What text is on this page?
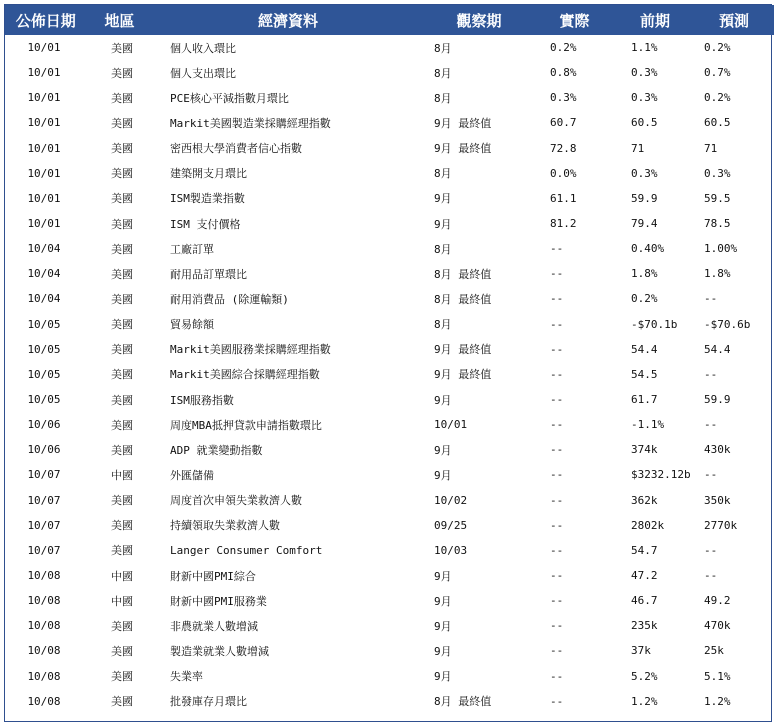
公佈日期	地區	經濟資料	觀察期	實際	前期	預測
10/01	美國	個人收入環比	8月	0.2%	1.1%	0.2%
10/01	美國	個人支出環比	8月	0.8%	0.3%	0.7%
10/01	美國	PCE核心平減指數月環比	8月	0.3%	0.3%	0.2%
10/01	美國	Markit美國製造業採購經理指數	9月 最終值	60.7	60.5	60.5
10/01	美國	密西根大學消費者信心指數	9月 最終值	72.8	71	71
10/01	美國	建築開支月環比	8月	0.0%	0.3%	0.3%
10/01	美國	ISM製造業指數	9月	61.1	59.9	59.5
10/01	美國	ISM 支付價格	9月	81.2	79.4	78.5
10/04	美國	工廠訂單	8月	--	0.40%	1.00%
10/04	美國	耐用品訂單環比	8月 最終值	--	1.8%	1.8%
10/04	美國	耐用消費品 (除運輸類)	8月 最終值	--	0.2%	--
10/05	美國	貿易餘額	8月	--	-$70.1b	-$70.6b
10/05	美國	Markit美國服務業採購經理指數	9月 最終值	--	54.4	54.4
10/05	美國	Markit美國綜合採購經理指數	9月 最終值	--	54.5	--
10/05	美國	ISM服務指數	9月	--	61.7	59.9
10/06	美國	周度MBA抵押貸款申請指數環比	10/01	--	-1.1%	--
10/06	美國	ADP 就業變動指數	9月	--	374k	430k
10/07	中國	外匯儲備	9月	--	$3232.12b	--
10/07	美國	周度首次申領失業救濟人數	10/02	--	362k	350k
10/07	美國	持續領取失業救濟人數	09/25	--	2802k	2770k
10/07	美國	Langer Consumer Comfort	10/03	--	54.7	--
10/08	中國	財新中國PMI綜合	9月	--	47.2	--
10/08	中國	財新中國PMI服務業	9月	--	46.7	49.2
10/08	美國	非農就業人數增減	9月	--	235k	470k
10/08	美國	製造業就業人數增減	9月	--	37k	25k
10/08	美國	失業率	9月	--	5.2%	5.1%
10/08	美國	批發庫存月環比	8月 最終值	--	1.2%	1.2%
